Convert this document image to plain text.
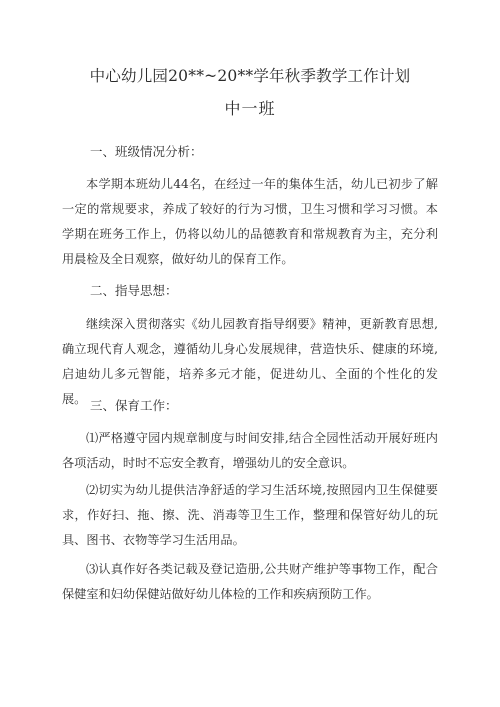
中心幼儿园20**~20**学年秋季教学工作计划
中一班
一、班级情况分析：
本学期本班幼儿44名，在经过一年的集体生活，幼儿已初步了解一定的常规要求，养成了较好的行为习惯，卫生习惯和学习习惯。本学期在班务工作上，仍将以幼儿的品德教育和常规教育为主，充分利用晨检及全日观察，做好幼儿的保育工作。
二、指导思想：
继续深入贯彻落实《幼儿园教育指导纲要》精神，更新教育思想,确立现代育人观念，遵循幼儿身心发展规律，营造快乐、健康的环境,启迪幼儿多元智能，培养多元才能，促进幼儿、全面的个性化的发展。 三、保育工作：
⑴严格遵守园内规章制度与时间安排,结合全园性活动开展好班内各项活动，时时不忘安全教育，增强幼儿的安全意识。
⑵切实为幼儿提供洁净舒适的学习生活环境,按照园内卫生保健要求，作好扫、拖、擦、洗、消毒等卫生工作，整理和保管好幼儿的玩具、图书、衣物等学习生活用品。
⑶认真作好各类记载及登记造册,公共财产维护等事物工作，配合保健室和妇幼保健站做好幼儿体检的工作和疾病预防工作。
